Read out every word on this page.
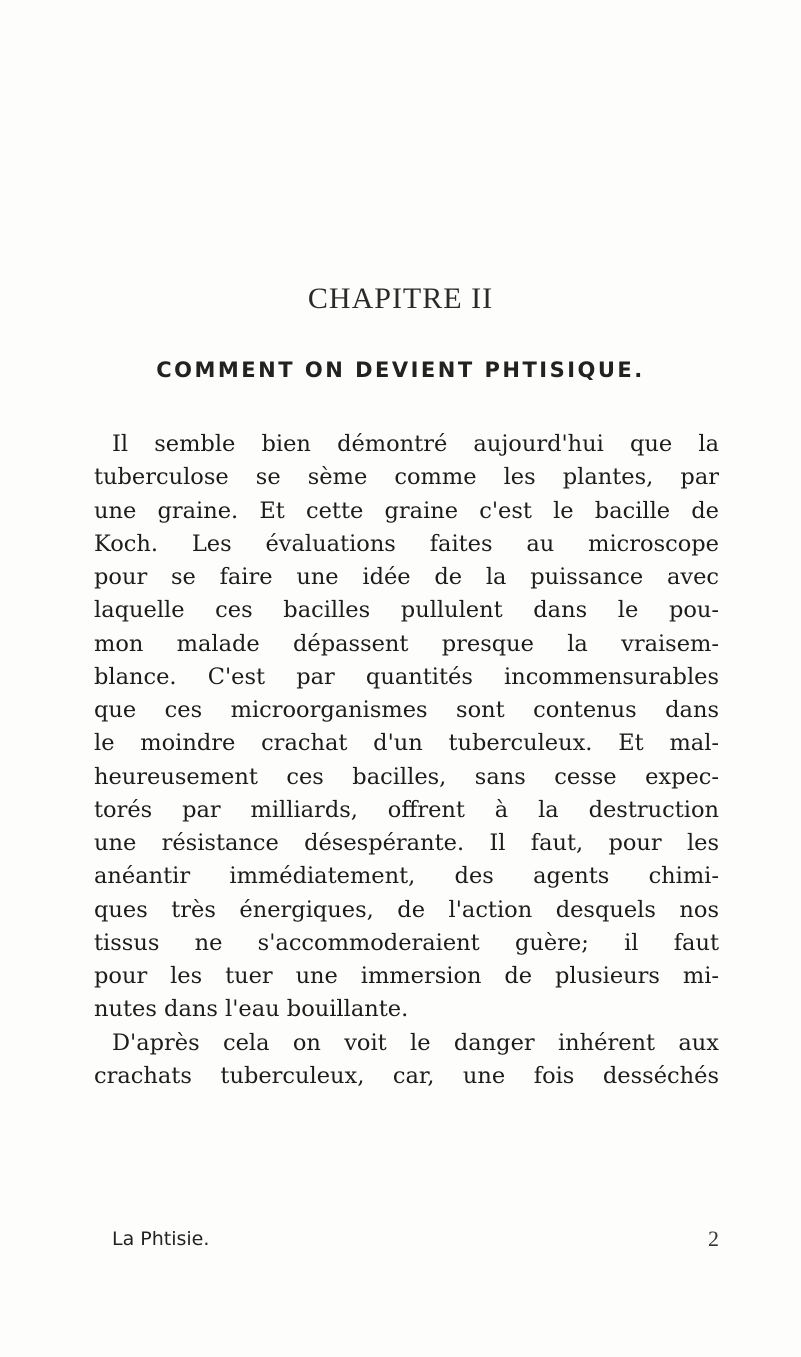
CHAPITRE II
COMMENT ON DEVIENT PHTISIQUE.
Il semble bien démontré aujourd'hui que la
tuberculose se sème comme les plantes, par
une graine. Et cette graine c'est le bacille de
Koch. Les évaluations faites au microscope
pour se faire une idée de la puissance avec
laquelle ces bacilles pullulent dans le pou-
mon malade dépassent presque la vraisem-
blance. C'est par quantités incommensurables
que ces microorganismes sont contenus dans
le moindre crachat d'un tuberculeux. Et mal-
heureusement ces bacilles, sans cesse expec-
torés par milliards, offrent à la destruction
une résistance désespérante. Il faut, pour les
anéantir immédiatement, des agents chimi-
ques très énergiques, de l'action desquels nos
tissus ne s'accommoderaient guère; il faut
pour les tuer une immersion de plusieurs mi-
nutes dans l'eau bouillante.
D'après cela on voit le danger inhérent aux
crachats tuberculeux, car, une fois desséchés
La Phtisie.	2
